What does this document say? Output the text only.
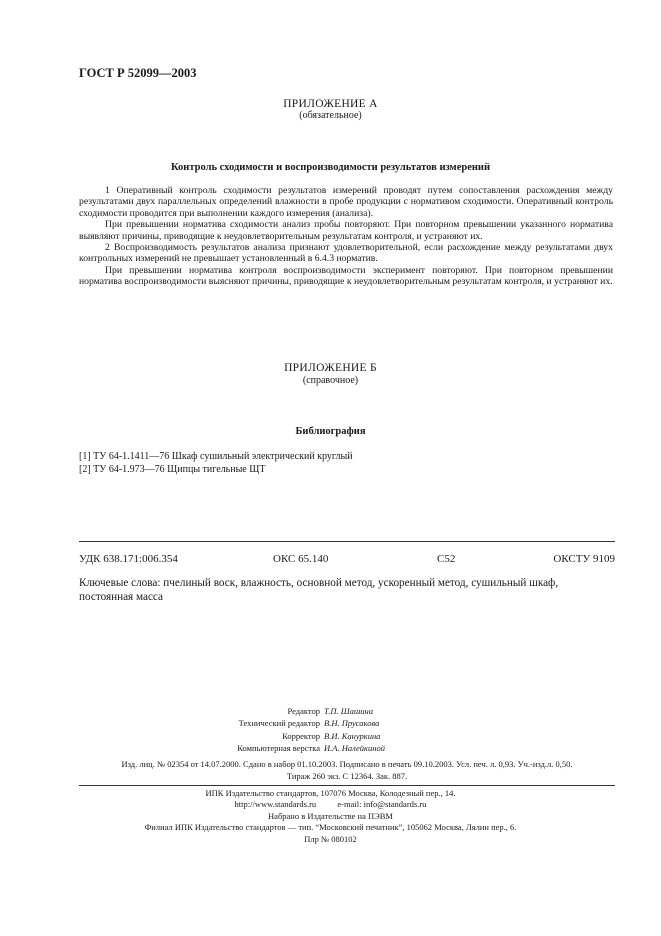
ГОСТ Р 52099—2003
ПРИЛОЖЕНИЕ А
(обязательное)
Контроль сходимости и воспроизводимости результатов измерений

1 Оперативный контроль сходимости результатов измерений проводят путем сопоставления расхождения между результатами двух параллельных определений влажности в пробе продукции с нормативом сходимости. Оперативный контроль сходимости проводится при выполнении каждого измерения (анализа).

При превышении норматива сходимости анализ пробы повторяют. При повторном превышении указанного норматива выявляют причины, приводящие к неудовлетворительным результатам контроля, и устраняют их.

2 Воспроизводимость результатов анализа признают удовлетворительной, если расхождение между результатами двух контрольных измерений не превышает установленный в 6.4.3 норматив.

При превышении норматива контроля воспроизводимости эксперимент повторяют. При повторном превышении норматива воспроизводимости выясняют причины, приводящие к неудовлетворительным результатам контроля, и устраняют их.

ПРИЛОЖЕНИЕ Б
(справочное)
Библиография
[1] ТУ 64-1.1411—76 Шкаф сушильный электрический круглый
[2] ТУ 64-1.973—76 Щипцы тигельные ЩТ
УДК 638.171:006.354	ОКС 65.140	С52	ОКСТУ 9109
Ключевые слова: пчелиный воск, влажность, основной метод, ускоренный метод, сушильный шкаф, постоянная масса
Редактор Т.П. Шашина
Технический редактор В.Н. Прусакова
Корректор В.И. Кануркина
Компьютерная верстка И.А. Налейкиной
Изд. лиц. № 02354 от 14.07.2000. Сдано в набор 01.10.2003. Подписано в печать 09.10.2003. Усл. печ. л. 0,93. Уч.-изд.л. 0,50.
Тираж 260 экз. С 12364. Зак. 887.
ИПК Издательство стандартов, 107076 Москва, Колодезный пер., 14.
http://www.standards.ru          e-mail: info@standards.ru
Набрано в Издательстве на ПЭВМ
Филиал ИПК Издательство стандартов — тип. “Московский печатник”, 105062 Москва, Лялин пер., 6.
Плр № 080102
